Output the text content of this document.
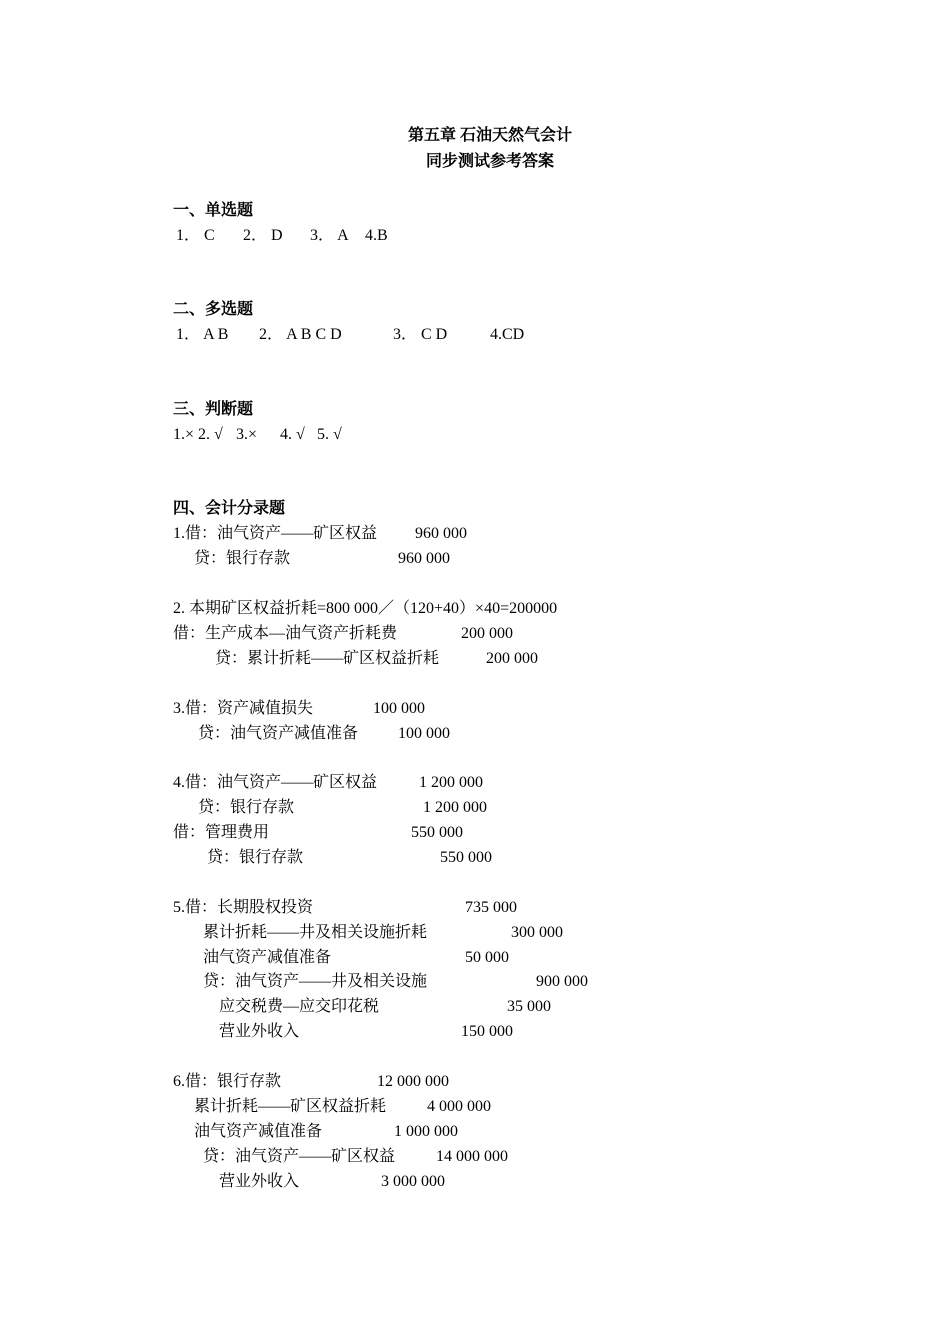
第五章 石油天然气会计
同步测试参考答案
一、单选题
1． C 2． D 3． A 4.B
二、多选题
1． A B 2． A B C D	3． C D	4.CD
三、判断题
1.× 2. √ 3.× 4. √ 5. √
四、会计分录题
1.借：油气资产——矿区权益 960 000
贷：银行存款	960 000
2. 本期矿区权益折耗=800 000／（120+40）×40=200000
借：生产成本—油气资产折耗费	200 000
贷：累计折耗——矿区权益折耗	200 000
3.借：资产减值损失	100 000
贷：油气资产减值准备 100 000
4.借：油气资产——矿区权益	1 200 000
贷：银行存款	1 200 000
借：管理费用	550 000
贷：银行存款	550 000
5.借：长期股权投资	735 000
累计折耗——井及相关设施折耗	300 000
油气资产减值准备	50 000
贷：油气资产——井及相关设施	900 000
应交税费—应交印花税	35 000
营业外收入	150 000
6.借：银行存款	12 000 000
累计折耗——矿区权益折耗	4 000 000
油气资产减值准备	1 000 000
贷：油气资产——矿区权益	14 000 000
营业外收入	3 000 000
